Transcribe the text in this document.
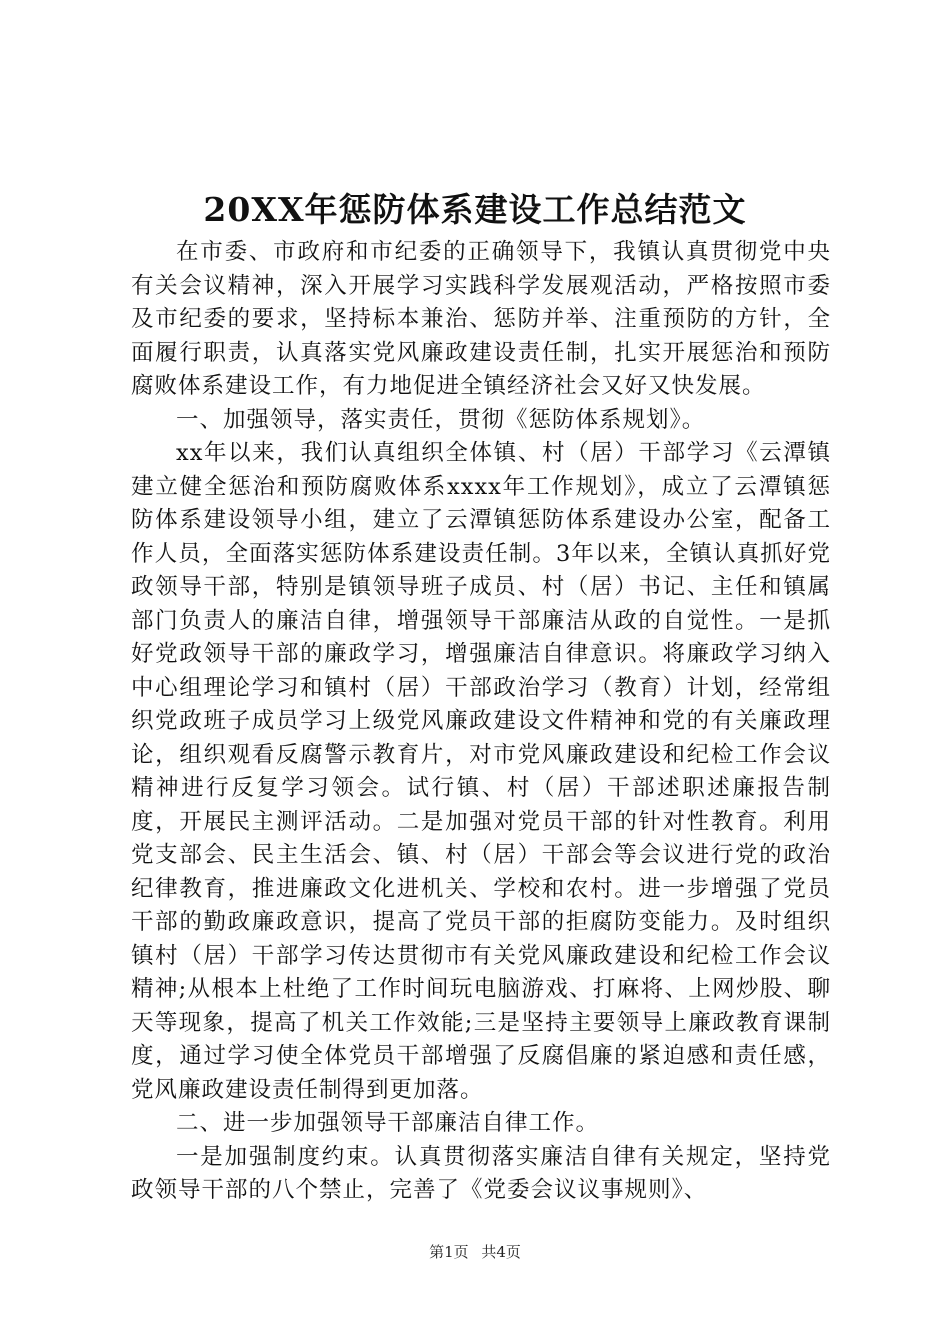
20XX年惩防体系建设工作总结范文

在市委、市政府和市纪委的正确领导下，我镇认真贯彻党中央有关会议精神，深入开展学习实践科学发展观活动，严格按照市委及市纪委的要求，坚持标本兼治、惩防并举、注重预防的方针，全面履行职责，认真落实党风廉政建设责任制，扎实开展惩治和预防腐败体系建设工作，有力地促进全镇经济社会又好又快发展。

一、加强领导，落实责任，贯彻《惩防体系规划》。

xx年以来，我们认真组织全体镇、村（居）干部学习《云潭镇建立健全惩治和预防腐败体系xxxx年工作规划》，成立了云潭镇惩防体系建设领导小组，建立了云潭镇惩防体系建设办公室，配备工作人员，全面落实惩防体系建设责任制。3年以来，全镇认真抓好党政领导干部，特别是镇领导班子成员、村（居）书记、主任和镇属部门负责人的廉洁自律，增强领导干部廉洁从政的自觉性。一是抓好党政领导干部的廉政学习，增强廉洁自律意识。将廉政学习纳入中心组理论学习和镇村（居）干部政治学习（教育）计划，经常组织党政班子成员学习上级党风廉政建设文件精神和党的有关廉政理论，组织观看反腐警示教育片，对市党风廉政建设和纪检工作会议精神进行反复学习领会。试行镇、村（居）干部述职述廉报告制度，开展民主测评活动。二是加强对党员干部的针对性教育。利用党支部会、民主生活会、镇、村（居）干部会等会议进行党的政治纪律教育，推进廉政文化进机关、学校和农村。进一步增强了党员干部的勤政廉政意识，提高了党员干部的拒腐防变能力。及时组织镇村（居）干部学习传达贯彻市有关党风廉政建设和纪检工作会议精神;从根本上杜绝了工作时间玩电脑游戏、打麻将、上网炒股、聊天等现象，提高了机关工作效能;三是坚持主要领导上廉政教育课制度，通过学习使全体党员干部增强了反腐倡廉的紧迫感和责任感，党风廉政建设责任制得到更加落。

二、进一步加强领导干部廉洁自律工作。

一是加强制度约束。认真贯彻落实廉洁自律有关规定，坚持党政领导干部的八个禁止，完善了《党委会议议事规则》、

第1页 共4页
